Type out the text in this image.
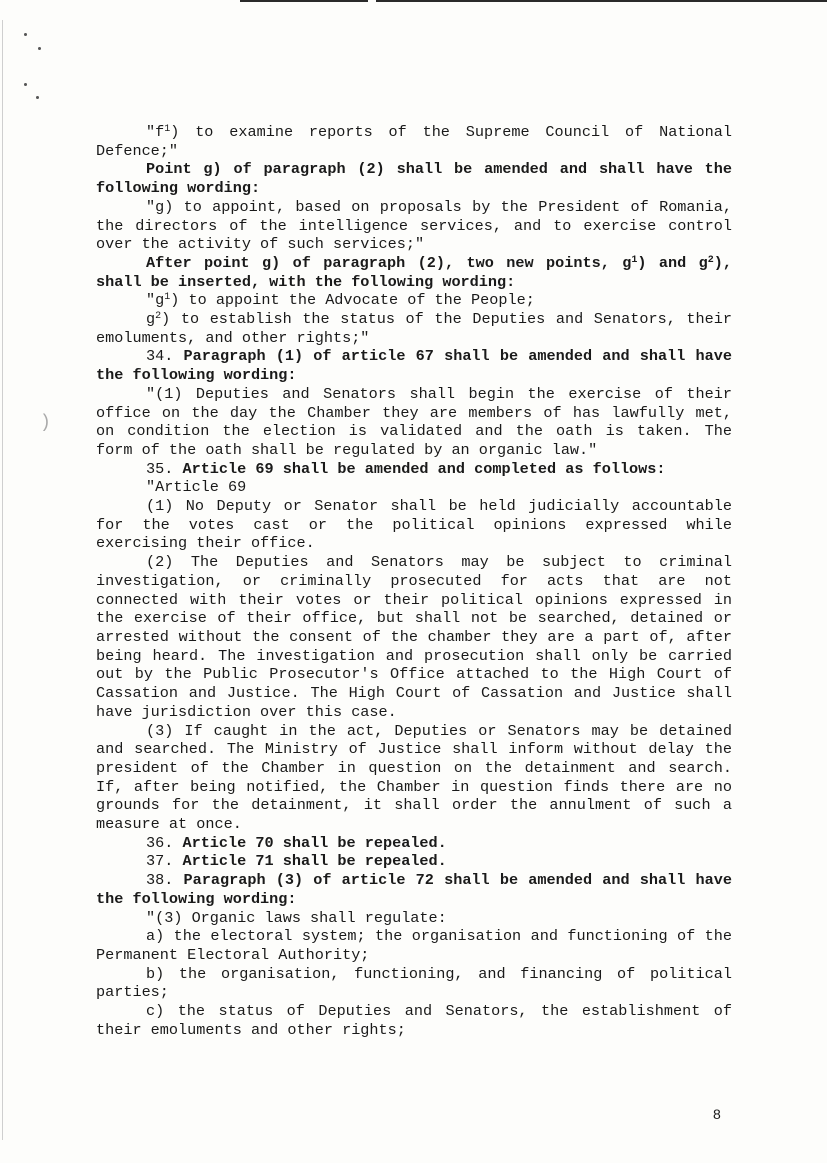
)

"$f^1$) to examine reports of the Supreme Council of National Defence;"

Point g) of paragraph (2) shall be amended and shall have the following wording:

"g) to appoint, based on proposals by the President of Romania, the directors of the intelligence services, and to exercise control over the activity of such services;"

After point g) of paragraph (2), two new points, $g^1$) and $g^2$), shall be inserted, with the following wording:

"$g^1$) to appoint the Advocate of the People;

$g^2$) to establish the status of the Deputies and Senators, their emoluments, and other rights;"

34. Paragraph (1) of article 67 shall be amended and shall have the following wording:

"(1) Deputies and Senators shall begin the exercise of their office on the day the Chamber they are members of has lawfully met, on condition the election is validated and the oath is taken. The form of the oath shall be regulated by an organic law."

35. Article 69 shall be amended and completed as follows:

"Article 69

(1) No Deputy or Senator shall be held judicially accountable for the votes cast or the political opinions expressed while exercising their office.

(2) The Deputies and Senators may be subject to criminal investigation, or criminally prosecuted for acts that are not connected with their votes or their political opinions expressed in the exercise of their office, but shall not be searched, detained or arrested without the consent of the chamber they are a part of, after being heard. The investigation and prosecution shall only be carried out by the Public Prosecutor's Office attached to the High Court of Cassation and Justice. The High Court of Cassation and Justice shall have jurisdiction over this case.

(3) If caught in the act, Deputies or Senators may be detained and searched. The Ministry of Justice shall inform without delay the president of the Chamber in question on the detainment and search. If, after being notified, the Chamber in question finds there are no grounds for the detainment, it shall order the annulment of such a measure at once.

36. Article 70 shall be repealed.

37. Article 71 shall be repealed.

38. Paragraph (3) of article 72 shall be amended and shall have the following wording:

"(3) Organic laws shall regulate:

a) the electoral system; the organisation and functioning of the Permanent Electoral Authority;

b) the organisation, functioning, and financing of political parties;

c) the status of Deputies and Senators, the establishment of their emoluments and other rights;

8
